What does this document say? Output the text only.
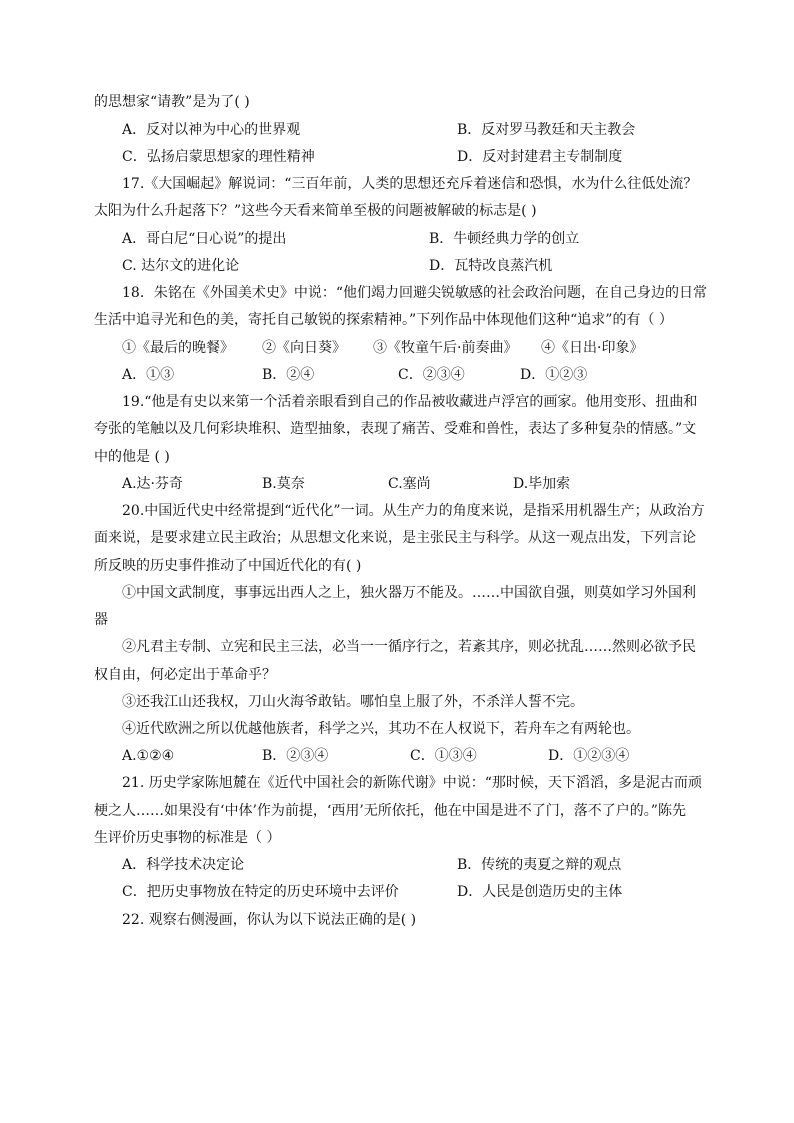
的思想家“请教”是为了( )
A．反对以神为中心的世界观	B．反对罗马教廷和天主教会
C．弘扬启蒙思想家的理性精神	D．反对封建君主专制制度
17.《大国崛起》解说词：“三百年前，人类的思想还充斥着迷信和恐惧，水为什么往低处流？
太阳为什么升起落下？”这些今天看来简单至极的问题被解破的标志是( )
A．哥白尼“日心说”的提出	B．牛顿经典力学的创立
C. 达尔文的进化论	D．瓦特改良蒸汽机
18．朱铭在《外国美术史》中说：“他们竭力回避尖锐敏感的社会政治问题，在自己身边的日常
生活中追寻光和色的美，寄托自己敏锐的探索精神。”下列作品中体现他们这种“追求”的有（ ）
①《最后的晚餐》 ②《向日葵》 ③《牧童午后·前奏曲》 ④《日出·印象》
A．①③	B．②④	C．②③④	D．①②③
19.“他是有史以来第一个活着亲眼看到自己的作品被收藏进卢浮宫的画家。他用变形、扭曲和
夸张的笔触以及几何彩块堆积、造型抽象，表现了痛苦、受难和兽性，表达了多种复杂的情感。”文
中的他是 ( )
A.达·芬奇	B.莫奈	C.塞尚	D.毕加索
20.中国近代史中经常提到“近代化”一词。从生产力的角度来说，是指采用机器生产；从政治方
面来说，是要求建立民主政治；从思想文化来说，是主张民主与科学。从这一观点出发，下列言论
所反映的历史事件推动了中国近代化的有( )
①中国文武制度，事事远出西人之上，独火器万不能及。……中国欲自强，则莫如学习外国利
器
②凡君主专制、立宪和民主三法，必当一一循序行之，若紊其序，则必扰乱……然则必欲予民
权自由，何必定出于革命乎？
③还我江山还我权，刀山火海爷敢钻。哪怕皇上服了外，不杀洋人誓不完。
④近代欧洲之所以优越他族者，科学之兴，其功不在人权说下，若舟车之有两轮也。
A.①②④	B．②③④	C．①③④	D．①②③④
21. 历史学家陈旭麓在《近代中国社会的新陈代谢》中说：“那时候，天下滔滔，多是泥古而顽
梗之人……如果没有‘中体’作为前提，‘西用’无所依托，他在中国是进不了门，落不了户的。”陈先
生评价历史事物的标准是（ ）
A．科学技术决定论	B．传统的夷夏之辩的观点
C．把历史事物放在特定的历史环境中去评价	D．人民是创造历史的主体
22. 观察右侧漫画，你认为以下说法正确的是( )
